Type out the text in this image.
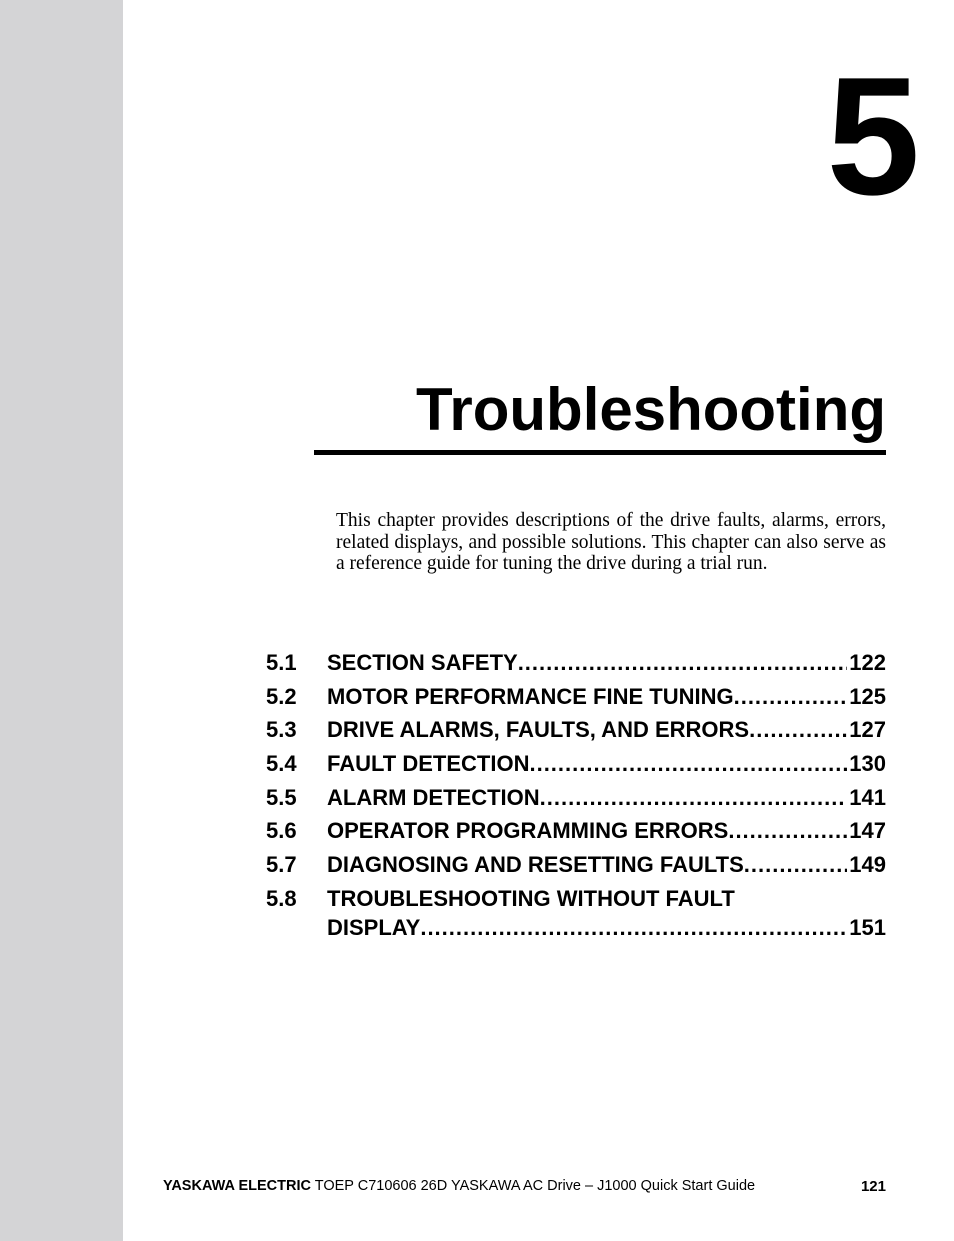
5
Troubleshooting

This chapter provides descriptions of the drive faults, alarms, errors, related displays, and possible solutions. This chapter can also serve as a reference guide for tuning the drive during a trial run.

5.1 SECTION SAFETY .....	122
5.2 MOTOR PERFORMANCE FINE TUNING .....	125
5.3 DRIVE ALARMS, FAULTS, AND ERRORS .....	127
5.4 FAULT DETECTION .....	130
5.5 ALARM DETECTION .....	141
5.6 OPERATOR PROGRAMMING ERRORS .....	147
5.7 DIAGNOSING AND RESETTING FAULTS .....	149
5.8 TROUBLESHOOTING WITHOUT FAULT
DISPLAY .....	151
YASKAWA ELECTRIC TOEP C710606 26D YASKAWA AC Drive – J1000 Quick Start Guide	121
